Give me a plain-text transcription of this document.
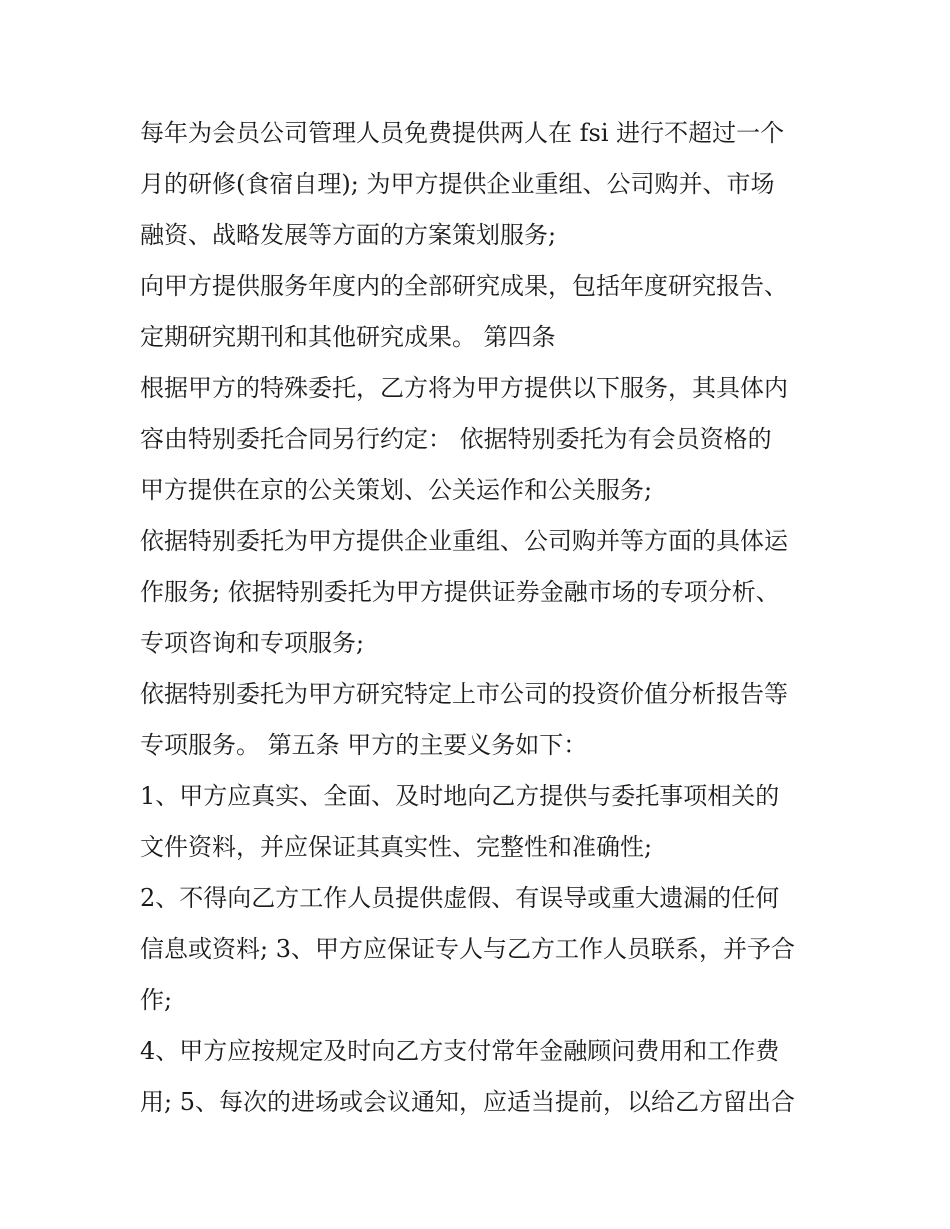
每年为会员公司管理人员免费提供两人在 fsi 进行不超过一个
月的研修(食宿自理); 为甲方提供企业重组、公司购并、市场
融资、战略发展等方面的方案策划服务;
向甲方提供服务年度内的全部研究成果，包括年度研究报告、
定期研究期刊和其他研究成果。 第四条
根据甲方的特殊委托，乙方将为甲方提供以下服务，其具体内
容由特别委托合同另行约定： 依据特别委托为有会员资格的
甲方提供在京的公关策划、公关运作和公关服务;
依据特别委托为甲方提供企业重组、公司购并等方面的具体运
作服务; 依据特别委托为甲方提供证券金融市场的专项分析、
专项咨询和专项服务;
依据特别委托为甲方研究特定上市公司的投资价值分析报告等
专项服务。 第五条 甲方的主要义务如下：
1、甲方应真实、全面、及时地向乙方提供与委托事项相关的
文件资料，并应保证其真实性、完整性和准确性;
2、不得向乙方工作人员提供虚假、有误导或重大遗漏的任何
信息或资料; 3、甲方应保证专人与乙方工作人员联系，并予合
作;
4、甲方应按规定及时向乙方支付常年金融顾问费用和工作费
用; 5、每次的进场或会议通知，应适当提前，以给乙方留出合
